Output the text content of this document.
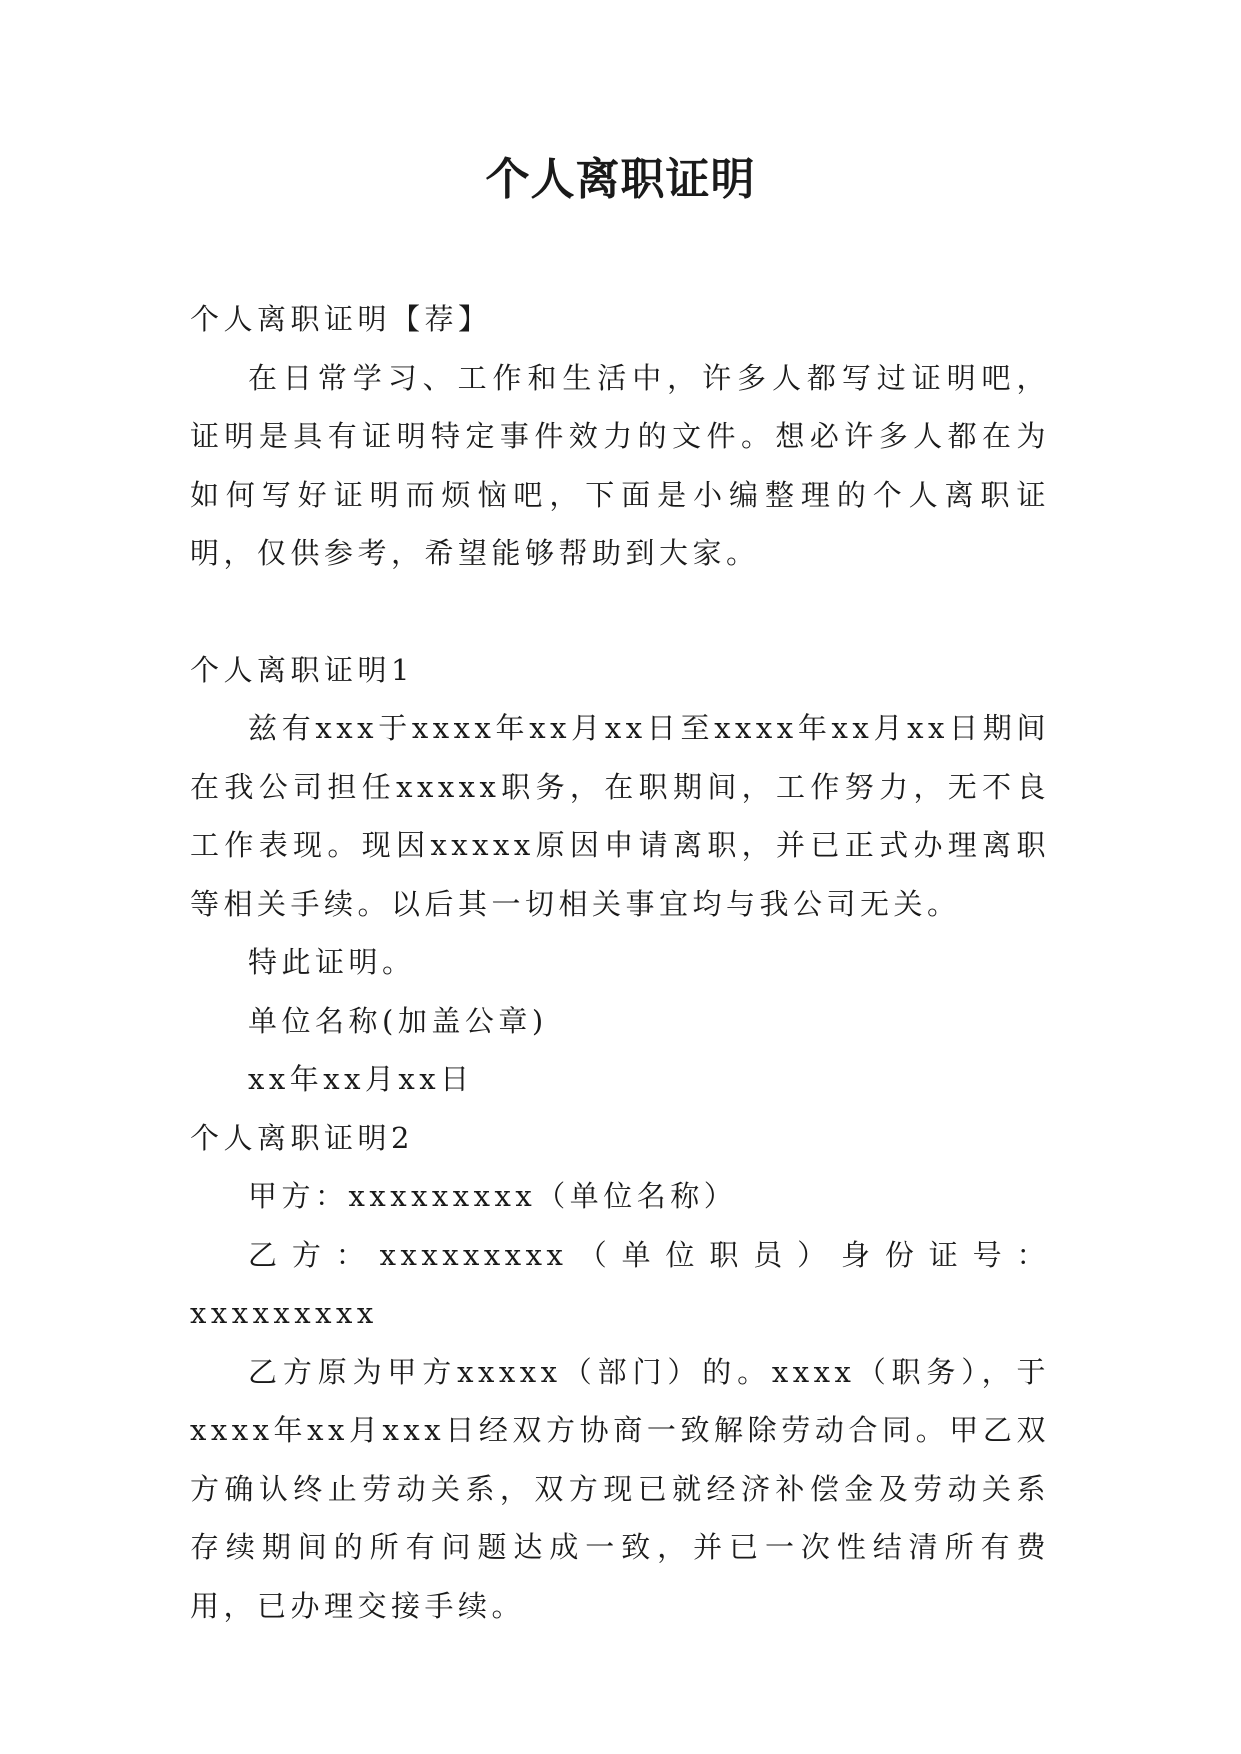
个人离职证明

个人离职证明【荐】

在日常学习、工作和生活中，许多人都写过证明吧，证明是具有证明特定事件效力的文件。想必许多人都在为如何写好证明而烦恼吧，下面是小编整理的个人离职证明，仅供参考，希望能够帮助到大家。

个人离职证明1

兹有xxx于xxxx年xx月xx日至xxxx年xx月xx日期间在我公司担任xxxxx职务，在职期间，工作努力，无不良工作表现。现因xxxxx原因申请离职，并已正式办理离职等相关手续。以后其一切相关事宜均与我公司无关。

特此证明。

单位名称(加盖公章)

xx年xx月xx日

个人离职证明2

甲方：xxxxxxxxx（单位名称）

乙方：xxxxxxxxx（单位职员）身份证号：xxxxxxxxx

乙方原为甲方xxxxx（部门）的。xxxx（职务），于xxxx年xx月xxx日经双方协商一致解除劳动合同。甲乙双方确认终止劳动关系，双方现已就经济补偿金及劳动关系存续期间的所有问题达成一致，并已一次性结清所有费用，已办理交接手续。
